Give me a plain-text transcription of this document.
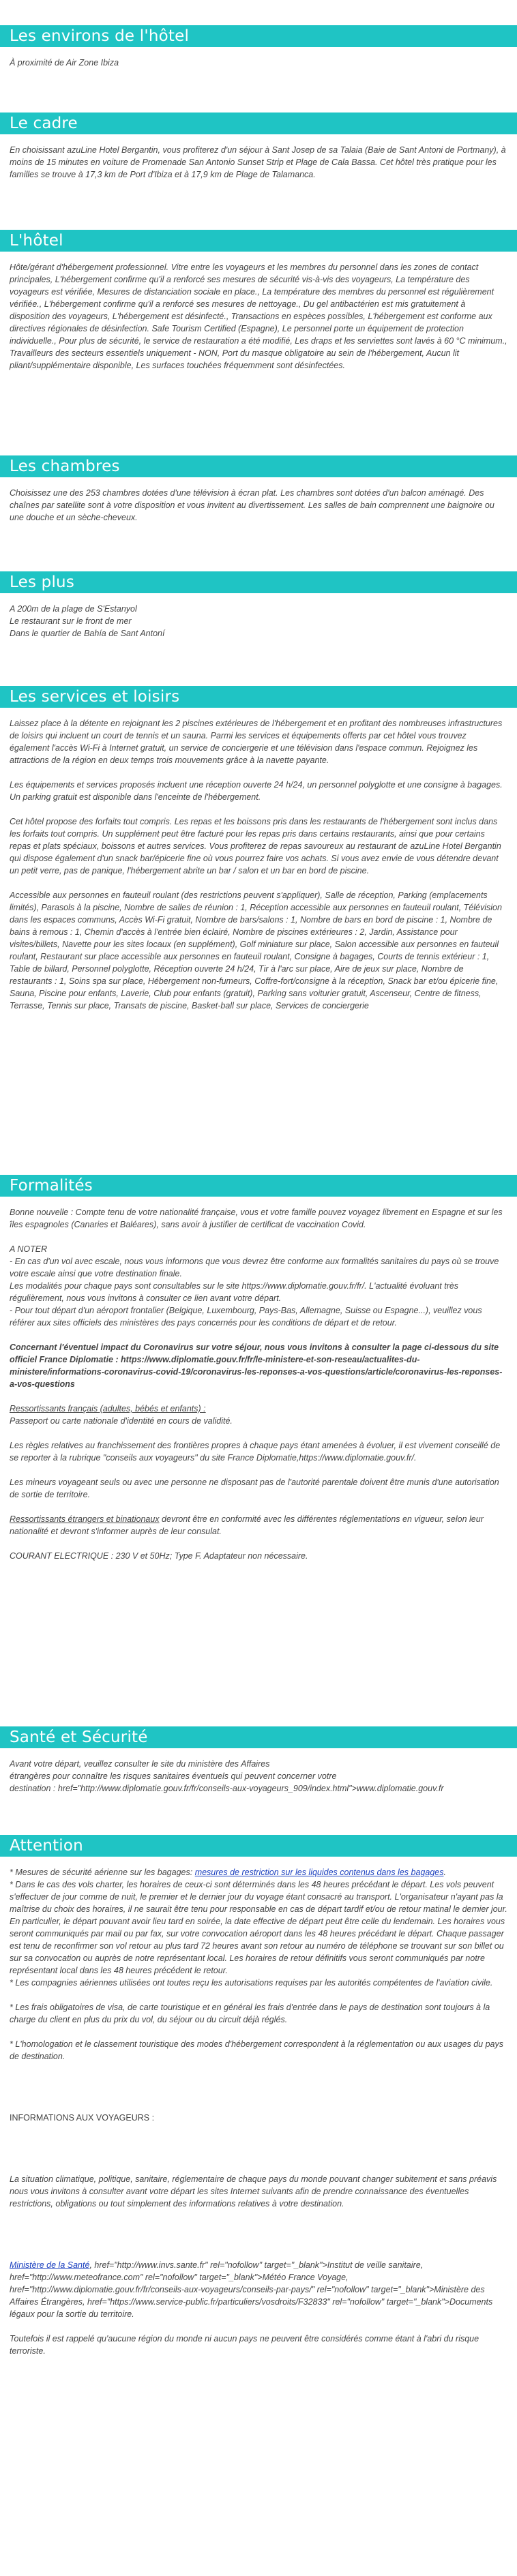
Les environs de l'hôtel

À proximité de Air Zone Ibiza

Le cadre

En choisissant azuLine Hotel Bergantin, vous profiterez d'un séjour à Sant Josep de sa Talaia (Baie de Sant Antoni de Portmany), à moins de 15 minutes en voiture de Promenade San Antonio Sunset Strip et Plage de Cala Bassa. Cet hôtel très pratique pour les familles se trouve à 17,3 km de Port d'Ibiza et à 17,9 km de Plage de Talamanca.

L'hôtel

Hôte/gérant d'hébergement professionnel. Vitre entre les voyageurs et les membres du personnel dans les zones de contact principales, L'hébergement confirme qu'il a renforcé ses mesures de sécurité vis-à-vis des voyageurs, La température des voyageurs est vérifiée, Mesures de distanciation sociale en place., La température des membres du personnel est régulièrement vérifiée., L'hébergement confirme qu'il a renforcé ses mesures de nettoyage., Du gel antibactérien est mis gratuitement à disposition des voyageurs, L'hébergement est désinfecté., Transactions en espèces possibles, L'hébergement est conforme aux directives régionales de désinfection. Safe Tourism Certified (Espagne), Le personnel porte un équipement de protection individuelle., Pour plus de sécurité, le service de restauration a été modifié, Les draps et les serviettes sont lavés à 60 °C minimum., Travailleurs des secteurs essentiels uniquement - NON, Port du masque obligatoire au sein de l'hébergement, Aucun lit pliant/supplémentaire disponible, Les surfaces touchées fréquemment sont désinfectées.

Les chambres

Choisissez une des 253 chambres dotées d'une télévision à écran plat. Les chambres sont dotées d'un balcon aménagé. Des chaînes par satellite sont à votre disposition et vous invitent au divertissement. Les salles de bain comprennent une baignoire ou une douche et un sèche-cheveux.

Les plus

A 200m de la plage de S'Estanyol

Le restaurant sur le front de mer

Dans le quartier de Bahía de Sant Antoní

Les services et loisirs

Laissez place à la détente en rejoignant les 2 piscines extérieures de l'hébergement et en profitant des nombreuses infrastructures de loisirs qui incluent un court de tennis et un sauna. Parmi les services et équipements offerts par cet hôtel vous trouvez également l'accès Wi-Fi à Internet gratuit, un service de conciergerie et une télévision dans l'espace commun. Rejoignez les attractions de la région en deux temps trois mouvements grâce à la navette payante.

Les équipements et services proposés incluent une réception ouverte 24 h/24, un personnel polyglotte et une consigne à bagages. Un parking gratuit est disponible dans l'enceinte de l'hébergement.

Cet hôtel propose des forfaits tout compris. Les repas et les boissons pris dans les restaurants de l'hébergement sont inclus dans les forfaits tout compris. Un supplément peut être facturé pour les repas pris dans certains restaurants, ainsi que pour certains repas et plats spéciaux, boissons et autres services. Vous profiterez de repas savoureux au restaurant de azuLine Hotel Bergantin qui dispose également d'un snack bar/épicerie fine où vous pourrez faire vos achats. Si vous avez envie de vous détendre devant un petit verre, pas de panique, l'hébergement abrite un bar / salon et un bar en bord de piscine.

Accessible aux personnes en fauteuil roulant (des restrictions peuvent s'appliquer), Salle de réception, Parking (emplacements limités), Parasols à la piscine, Nombre de salles de réunion : 1, Réception accessible aux personnes en fauteuil roulant, Télévision dans les espaces communs, Accès Wi-Fi gratuit, Nombre de bars/salons : 1, Nombre de bars en bord de piscine : 1, Nombre de bains à remous : 1, Chemin d'accès à l'entrée bien éclairé, Nombre de piscines extérieures : 2, Jardin, Assistance pour visites/billets, Navette pour les sites locaux (en supplément), Golf miniature sur place, Salon accessible aux personnes en fauteuil roulant, Restaurant sur place accessible aux personnes en fauteuil roulant, Consigne à bagages, Courts de tennis extérieur : 1, Table de billard, Personnel polyglotte, Réception ouverte 24 h/24, Tir à l'arc sur place, Aire de jeux sur place, Nombre de restaurants : 1, Soins spa sur place, Hébergement non-fumeurs, Coffre-fort/consigne à la réception, Snack bar et/ou épicerie fine, Sauna, Piscine pour enfants, Laverie, Club pour enfants (gratuit), Parking sans voiturier gratuit, Ascenseur, Centre de fitness, Terrasse, Tennis sur place, Transats de piscine, Basket-ball sur place, Services de conciergerie

Formalités

Bonne nouvelle : Compte tenu de votre nationalité française, vous et votre famille pouvez voyagez librement en Espagne et sur les îles espagnoles (Canaries et Baléares), sans avoir à justifier de certificat de vaccination Covid.

A NOTER
- En cas d'un vol avec escale, nous vous informons que vous devrez être conforme aux formalités sanitaires du pays où se trouve votre escale ainsi que votre destination finale.
Les modalités pour chaque pays sont consultables sur le site https://www.diplomatie.gouv.fr/fr/. L'actualité évoluant très régulièrement, nous vous invitons à consulter ce lien avant votre départ.
- Pour tout départ d'un aéroport frontalier (Belgique, Luxembourg, Pays-Bas, Allemagne, Suisse ou Espagne...), veuillez vous référer aux sites officiels des ministères des pays concernés pour les conditions de départ et de retour.

Concernant l'éventuel impact du Coronavirus sur votre séjour, nous vous invitons à consulter la page ci-dessous du site officiel France Diplomatie : https://www.diplomatie.gouv.fr/fr/le-ministere-et-son-reseau/actualites-du-ministere/informations-coronavirus-covid-19/coronavirus-les-reponses-a-vos-questions/article/coronavirus-les-reponses-a-vos-questions

Ressortissants français (adultes, bébés et enfants) :
Passeport ou carte nationale d'identité en cours de validité.

Les règles relatives au franchissement des frontières propres à chaque pays étant amenées à évoluer, il est vivement conseillé de se reporter à la rubrique "conseils aux voyageurs" du site France Diplomatie,https://www.diplomatie.gouv.fr/.

Les mineurs voyageant seuls ou avec une personne ne disposant pas de l'autorité parentale doivent être munis d'une autorisation de sortie de territoire.

Ressortissants étrangers et binationaux devront être en conformité avec les différentes réglementations en vigueur, selon leur nationalité et devront s'informer auprès de leur consulat.

COURANT ELECTRIQUE : 230 V et 50Hz; Type F. Adaptateur non nécessaire.

Santé et Sécurité

Avant votre départ, veuillez consulter le site du ministère des Affaires

étrangères pour connaître les risques sanitaires éventuels qui peuvent concerner votre

destination : href="http://www.diplomatie.gouv.fr/fr/conseils-aux-voyageurs_909/index.html">www.diplomatie.gouv.fr

Attention

* Mesures de sécurité aérienne sur les bagages: mesures de restriction sur les liquides contenus dans les bagages.

* Dans le cas des vols charter, les horaires de ceux-ci sont déterminés dans les 48 heures précédant le départ. Les vols peuvent s'effectuer de jour comme de nuit, le premier et le dernier jour du voyage étant consacré au transport. L'organisateur n'ayant pas la maîtrise du choix des horaires, il ne saurait être tenu pour responsable en cas de départ tardif et/ou de retour matinal le dernier jour. En particulier, le départ pouvant avoir lieu tard en soirée, la date effective de départ peut être celle du lendemain. Les horaires vous seront communiqués par mail ou par fax, sur votre convocation aéroport dans les 48 heures précédant le départ. Chaque passager est tenu de reconfirmer son vol retour au plus tard 72 heures avant son retour au numéro de téléphone se trouvant sur son billet ou sur sa convocation ou auprès de notre représentant local. Les horaires de retour définitifs vous seront communiqués par notre représentant local dans les 48 heures précédent le retour.

* Les compagnies aériennes utilisées ont toutes reçu les autorisations requises par les autorités compétentes de l'aviation civile.

* Les frais obligatoires de visa, de carte touristique et en général les frais d'entrée dans le pays de destination sont toujours à la charge du client en plus du prix du vol, du séjour ou du circuit déjà réglés.

* L'homologation et le classement touristique des modes d'hébergement correspondent à la réglementation ou aux usages du pays de destination.

INFORMATIONS AUX VOYAGEURS :

La situation climatique, politique, sanitaire, réglementaire de chaque pays du monde pouvant changer subitement et sans préavis
nous vous invitons à consulter avant votre départ les sites Internet suivants afin de prendre connaissance des éventuelles restrictions, obligations ou tout simplement des informations relatives à votre destination.

Ministère de la Santé, href="http://www.invs.sante.fr" rel="nofollow" target="_blank">Institut de veille sanitaire, href="http://www.meteofrance.com" rel="nofollow" target="_blank">Météo France Voyage, href="http://www.diplomatie.gouv.fr/fr/conseils-aux-voyageurs/conseils-par-pays/" rel="nofollow" target="_blank">Ministère des Affaires Étrangères, href="https://www.service-public.fr/particuliers/vosdroits/F32833" rel="nofollow" target="_blank">Documents légaux pour la sortie du territoire.

Toutefois il est rappelé qu'aucune région du monde ni aucun pays ne peuvent être considérés comme étant à l'abri du risque terroriste.
